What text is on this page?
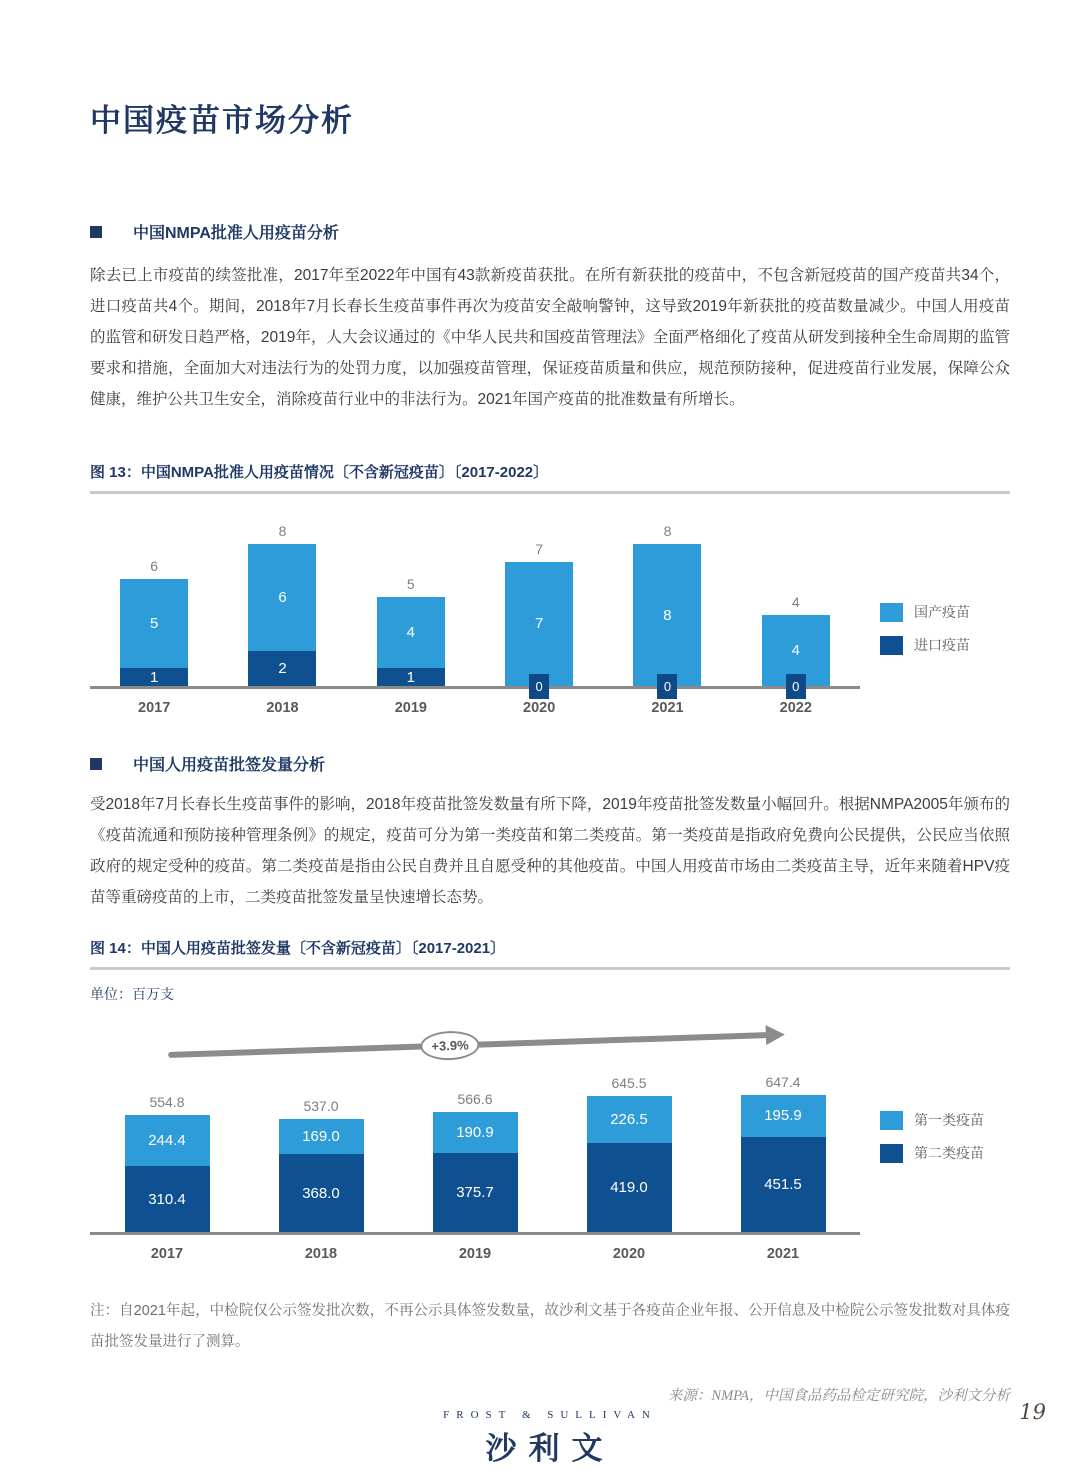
中国疫苗市场分析
中国NMPA批准人用疫苗分析

除去已上市疫苗的续签批准，2017年至2022年中国有43款新疫苗获批。在所有新获批的疫苗中，不包含新冠疫苗的国产疫苗共34个，进口疫苗共4个。期间，2018年7月长春长生疫苗事件再次为疫苗安全敲响警钟，这导致2019年新获批的疫苗数量减少。中国人用疫苗的监管和研发日趋严格，2019年，人大会议通过的《中华人民共和国疫苗管理法》全面严格细化了疫苗从研发到接种全生命周期的监管要求和措施，全面加大对违法行为的处罚力度，以加强疫苗管理，保证疫苗质量和供应，规范预防接种，促进疫苗行业发展，保障公众健康，维护公共卫生安全，消除疫苗行业中的非法行为。2021年国产疫苗的批准数量有所增长。

图 13：中国NMPA批准人用疫苗情况〔不含新冠疫苗〕〔2017-2022〕
6
5
1
8
6
2
5
4
1
0
7
7
0
8
8
0
4
4
2017	2018	2019	2020	2021	2022
国产疫苗
进口疫苗
中国人用疫苗批签发量分析

受2018年7月长春长生疫苗事件的影响，2018年疫苗批签发数量有所下降，2019年疫苗批签发数量小幅回升。根据NMPA2005年颁布的《疫苗流通和预防接种管理条例》的规定，疫苗可分为第一类疫苗和第二类疫苗。第一类疫苗是指政府免费向公民提供，公民应当依照政府的规定受种的疫苗。第二类疫苗是指由公民自费并且自愿受种的其他疫苗。中国人用疫苗市场由二类疫苗主导，近年来随着HPV疫苗等重磅疫苗的上市，二类疫苗批签发量呈快速增长态势。

图 14：中国人用疫苗批签发量〔不含新冠疫苗〕〔2017-2021〕
单位：百万支
+3.9%
554.8
244.4
310.4
537.0
169.0
368.0
566.6
190.9
375.7
645.5
226.5
419.0
647.4
195.9
451.5
2017	2018	2019	2020	2021
第一类疫苗
第二类疫苗

注：自2021年起，中检院仅公示签发批次数，不再公示具体签发数量，故沙利文基于各疫苗企业年报、公开信息及中检院公示签发批数对具体疫苗批签发量进行了测算。

来源：NMPA，中国食品药品检定研究院，沙利文分析

FROST & SULLIVAN
沙利文
19
